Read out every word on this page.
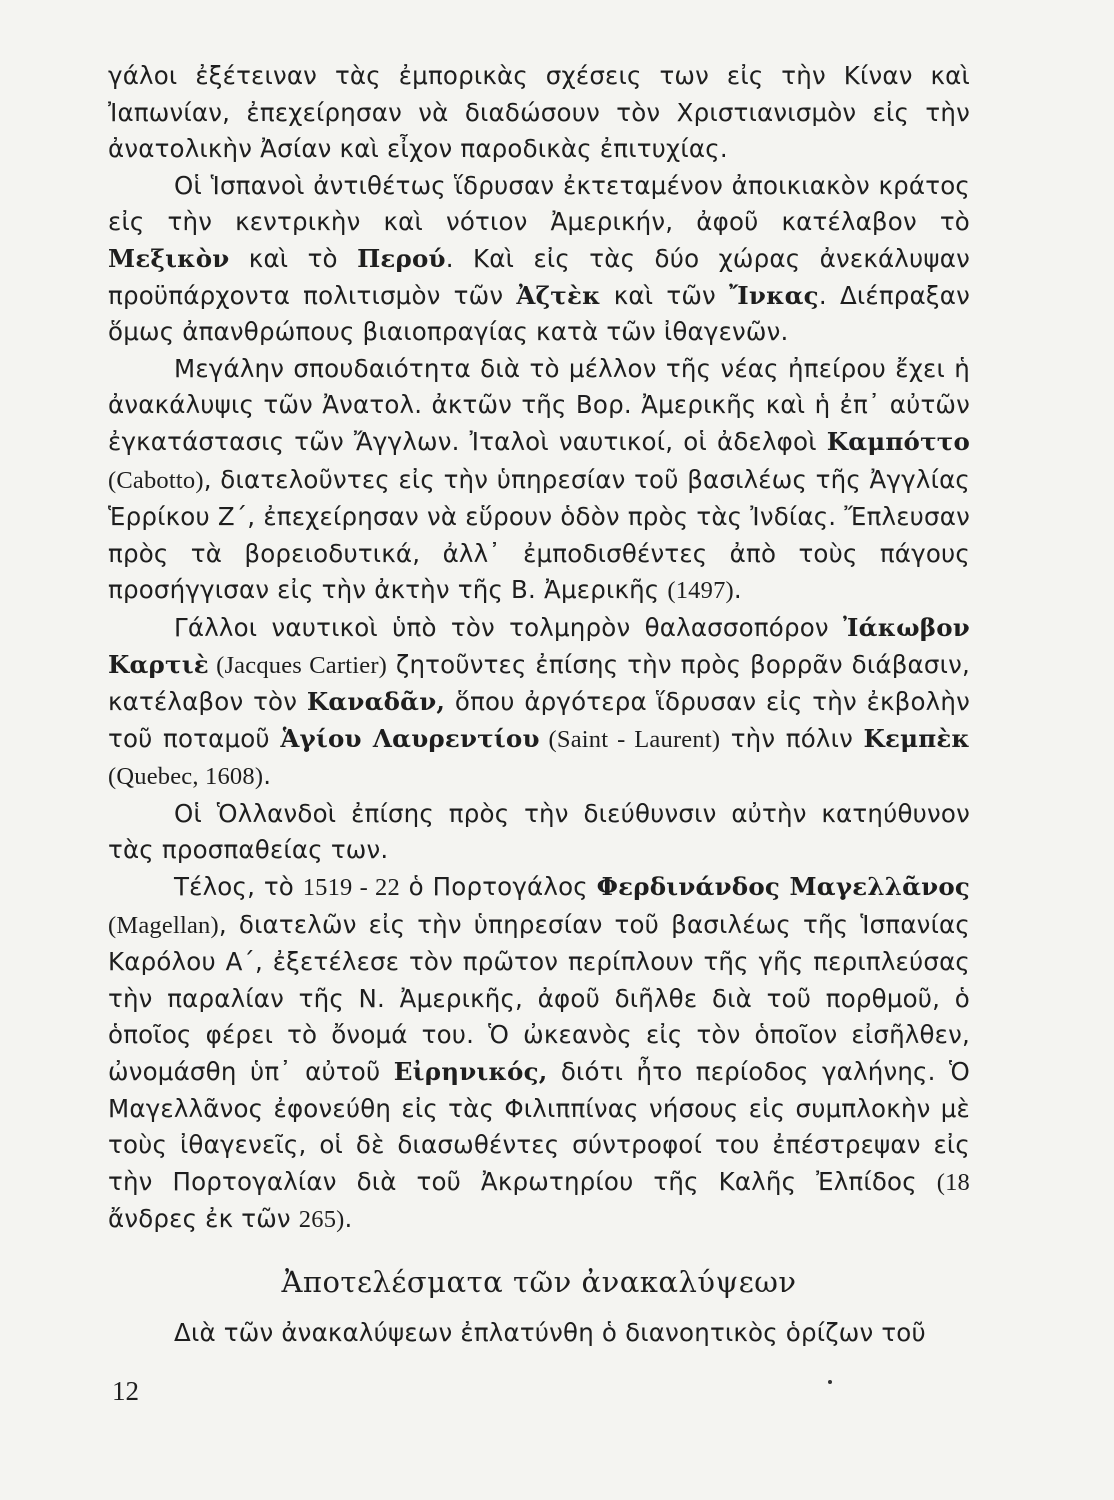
γάλοι ἐξέτειναν τὰς ἐμπορικὰς σχέσεις των εἰς τὴν Κίναν καὶ Ἰαπωνίαν, ἐπεχείρησαν νὰ διαδώσουν τὸν Χριστιανισμὸν εἰς τὴν ἀνατολικὴν Ἀσίαν καὶ εἶχον παροδικὰς ἐπιτυχίας.

Οἱ Ἱσπανοὶ ἀντιθέτως ἵδρυσαν ἐκτεταμένον ἀποικιακὸν κράτος εἰς τὴν κεντρικὴν καὶ νότιον Ἀμερικήν, ἀφοῦ κατέλαβον τὸ Μεξικὸν καὶ τὸ Περού. Καὶ εἰς τὰς δύο χώρας ἀνεκάλυψαν προϋπάρχοντα πολιτισμὸν τῶν Ἀζτὲκ καὶ τῶν Ἴνκας. Διέπραξαν ὅμως ἀπανθρώπους βιαιοπραγίας κατὰ τῶν ἰθαγενῶν.

Μεγάλην σπουδαιότητα διὰ τὸ μέλλον τῆς νέας ἠπείρου ἔχει ἡ ἀνακάλυψις τῶν Ἀνατολ. ἀκτῶν τῆς Βορ. Ἀμερικῆς καὶ ἡ ἐπ᾽ αὐτῶν ἐγκατάστασις τῶν Ἄγγλων. Ἰταλοὶ ναυτικοί, οἱ ἀδελφοὶ Καμπόττο (Cabotto), διατελοῦντες εἰς τὴν ὑπηρεσίαν τοῦ βασιλέως τῆς Ἀγγλίας Ἑρρίκου Ζ΄, ἐπεχείρησαν νὰ εὕρουν ὁδὸν πρὸς τὰς Ἰνδίας. Ἔπλευσαν πρὸς τὰ βορειοδυτικά, ἀλλ᾽ ἐμποδισθέντες ἀπὸ τοὺς πάγους προσήγγισαν εἰς τὴν ἀκτὴν τῆς Β. Ἀμερικῆς (1497).

Γάλλοι ναυτικοὶ ὑπὸ τὸν τολμηρὸν θαλασσοπόρον Ἰάκωβον Καρτιὲ (Jacques Cartier) ζητοῦντες ἐπίσης τὴν πρὸς βορρᾶν διάβασιν, κατέλαβον τὸν Καναδᾶν, ὅπου ἀργότερα ἵδρυσαν εἰς τὴν ἐκβολὴν τοῦ ποταμοῦ Ἁγίου Λαυρεντίου (Saint - Laurent) τὴν πόλιν Κεμπὲκ (Quebec, 1608).

Οἱ Ὁλλανδοὶ ἐπίσης πρὸς τὴν διεύθυνσιν αὐτὴν κατηύθυνον τὰς προσπαθείας των.

Τέλος, τὸ 1519 - 22 ὁ Πορτογάλος Φερδινάνδος Μαγελλᾶνος (Magellan), διατελῶν εἰς τὴν ὑπηρεσίαν τοῦ βασιλέως τῆς Ἱσπανίας Καρόλου Α΄, ἐξετέλεσε τὸν πρῶτον περίπλουν τῆς γῆς περιπλεύσας τὴν παραλίαν τῆς Ν. Ἀμερικῆς, ἀφοῦ διῆλθε διὰ τοῦ πορθμοῦ, ὁ ὁποῖος φέρει τὸ ὄνομά του. Ὁ ὠκεανὸς εἰς τὸν ὁποῖον εἰσῆλθεν, ὠνομάσθη ὑπ᾽ αὐτοῦ Εἰρηνικός, διότι ἦτο περίοδος γαλήνης. Ὁ Μαγελλᾶνος ἐφονεύθη εἰς τὰς Φιλιππίνας νήσους εἰς συμπλοκὴν μὲ τοὺς ἰθαγενεῖς, οἱ δὲ διασωθέντες σύντροφοί του ἐπέστρεψαν εἰς τὴν Πορτογαλίαν διὰ τοῦ Ἀκρωτηρίου τῆς Καλῆς Ἐλπίδος (18 ἄνδρες ἐκ τῶν 265).

Ἀποτελέσματα τῶν ἀνακαλύψεων

Διὰ τῶν ἀνακαλύψεων ἐπλατύνθη ὁ διανοητικὸς ὁρίζων τοῦ

12
